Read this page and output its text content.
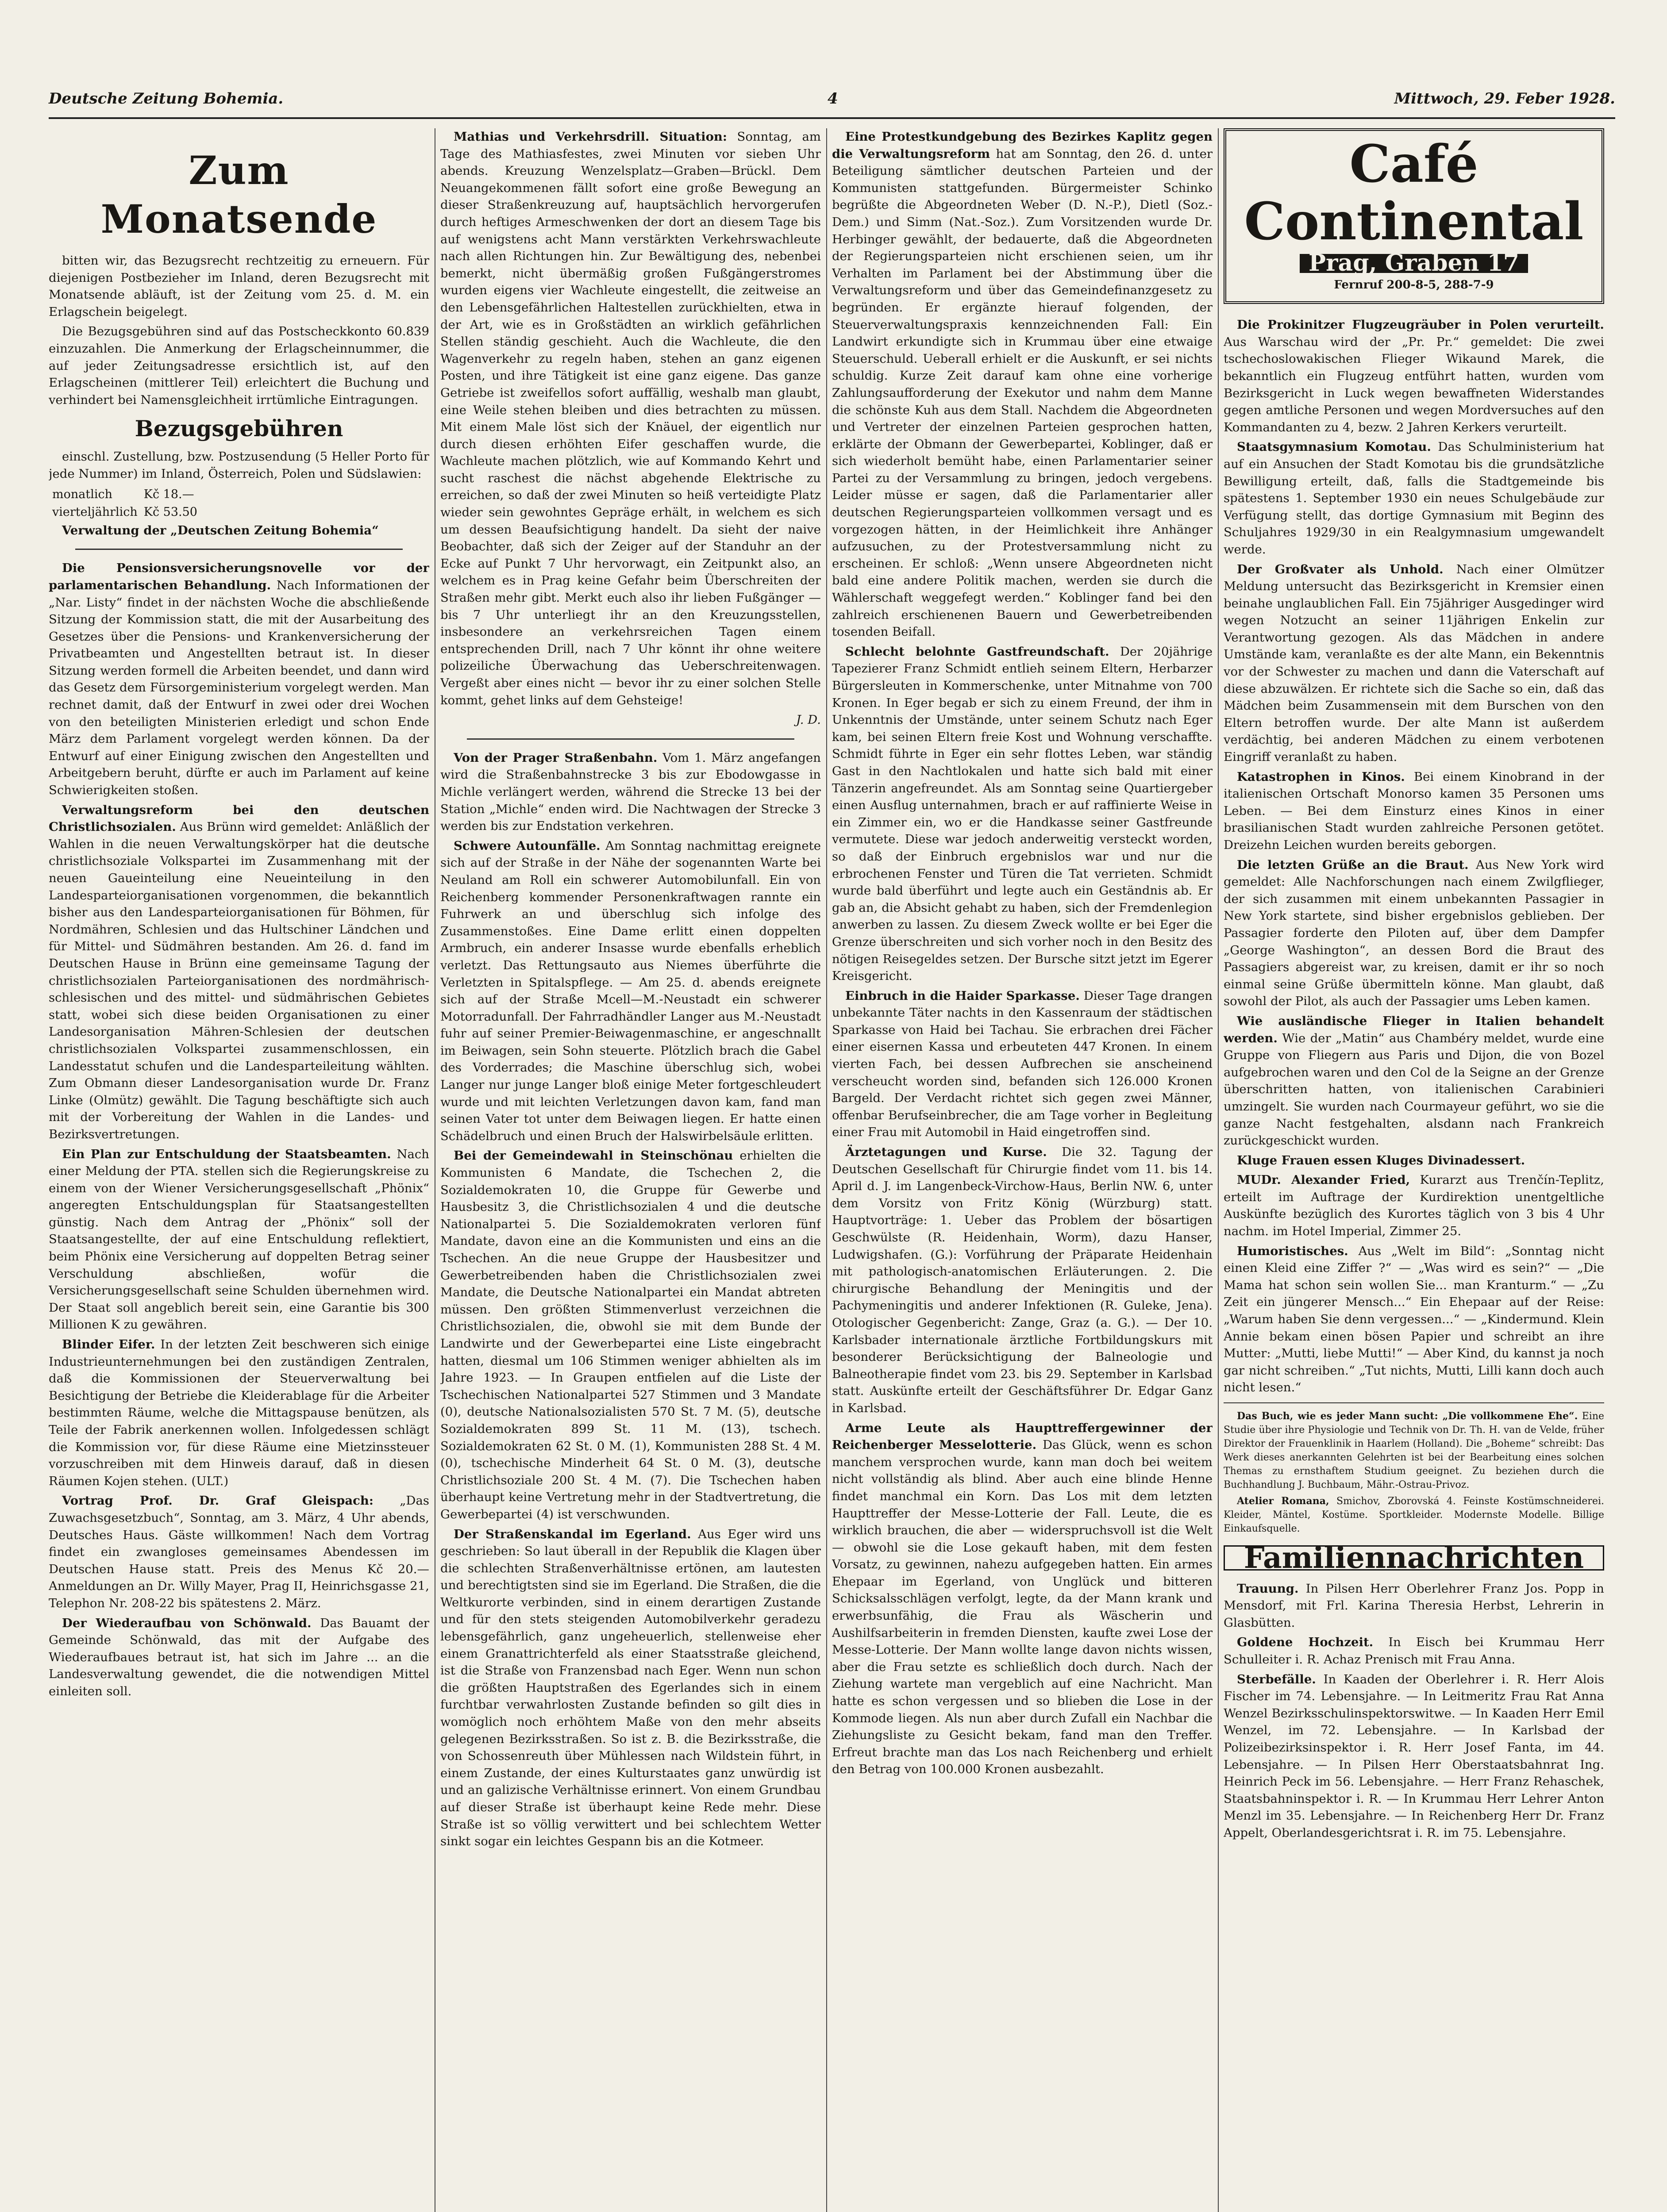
Deutsche Zeitung Bohemia.	4	Mittwoch, 29. Feber 1928.
Zum Monatsende

bitten wir, das Bezugsrecht rechtzeitig zu erneuern. Für diejenigen Postbezieher im Inland, deren Bezugsrecht mit Monatsende abläuft, ist der Zeitung vom 25. d. M. ein Erlagschein beigelegt.

Die Bezugsgebühren sind auf das Postscheckkonto 60.839 einzuzahlen. Die Anmerkung der Erlagscheinnummer, die auf jeder Zeitungsadresse ersichtlich ist, auf den Erlagscheinen (mittlerer Teil) erleichtert die Buchung und verhindert bei Namensgleichheit irrtümliche Eintragungen.

Bezugsgebühren

einschl. Zustellung, bzw. Postzusendung (5 Heller Porto für jede Nummer) im Inland, Österreich, Polen und Südslawien:

monatlich	Kč 18.—
vierteljährlich	Kč 53.50

Verwaltung der „Deutschen Zeitung Bohemia“

Die Pensionsversicherungsnovelle vor der parlamentarischen Behandlung. Nach Informationen der „Nar. Listy“ findet in der nächsten Woche die abschließende Sitzung der Kommission statt, die mit der Ausarbeitung des Gesetzes über die Pensions- und Krankenversicherung der Privatbeamten und Angestellten betraut ist. In dieser Sitzung werden formell die Arbeiten beendet, und dann wird das Gesetz dem Fürsorgeministerium vorgelegt werden. Man rechnet damit, daß der Entwurf in zwei oder drei Wochen von den beteiligten Ministerien erledigt und schon Ende März dem Parlament vorgelegt werden können. Da der Entwurf auf einer Einigung zwischen den Angestellten und Arbeitgebern beruht, dürfte er auch im Parlament auf keine Schwierigkeiten stoßen.

Verwaltungsreform bei den deutschen Christlichsozialen. Aus Brünn wird gemeldet: Anläßlich der Wahlen in die neuen Verwaltungskörper hat die deutsche christlichsoziale Volkspartei im Zusammenhang mit der neuen Gaueinteilung eine Neueinteilung in den Landesparteiorganisationen vorgenommen, die bekanntlich bisher aus den Landesparteiorganisationen für Böhmen, für Nordmähren, Schlesien und das Hultschiner Ländchen und für Mittel- und Südmähren bestanden. Am 26. d. fand im Deutschen Hause in Brünn eine gemeinsame Tagung der christlichsozialen Parteiorganisationen des nordmährisch-schlesischen und des mittel- und südmährischen Gebietes statt, wobei sich diese beiden Organisationen zu einer Landesorganisation Mähren-Schlesien der deutschen christlichsozialen Volkspartei zusammenschlossen, ein Landesstatut schufen und die Landesparteileitung wählten. Zum Obmann dieser Landesorganisation wurde Dr. Franz Linke (Olmütz) gewählt. Die Tagung beschäftigte sich auch mit der Vorbereitung der Wahlen in die Landes- und Bezirksvertretungen.

Ein Plan zur Entschuldung der Staatsbeamten. Nach einer Meldung der PTA. stellen sich die Regierungskreise zu einem von der Wiener Versicherungsgesellschaft „Phönix“ angeregten Entschuldungsplan für Staatsangestellten günstig. Nach dem Antrag der „Phönix“ soll der Staatsangestellte, der auf eine Entschuldung reflektiert, beim Phönix eine Versicherung auf doppelten Betrag seiner Verschuldung abschließen, wofür die Versicherungsgesellschaft seine Schulden übernehmen wird. Der Staat soll angeblich bereit sein, eine Garantie bis 300 Millionen K zu gewähren.

Blinder Eifer. In der letzten Zeit beschweren sich einige Industrieunternehmungen bei den zuständigen Zentralen, daß die Kommissionen der Steuerverwaltung bei Besichtigung der Betriebe die Kleiderablage für die Arbeiter bestimmten Räume, welche die Mittagspause benützen, als Teile der Fabrik anerkennen wollen. Infolgedessen schlägt die Kommission vor, für diese Räume eine Mietzinssteuer vorzuschreiben mit dem Hinweis darauf, daß in diesen Räumen Kojen stehen. (ULT.)

Vortrag Prof. Dr. Graf Gleispach: „Das Zuwachsgesetzbuch“, Sonntag, am 3. März, 4 Uhr abends, Deutsches Haus. Gäste willkommen! Nach dem Vortrag findet ein zwangloses gemeinsames Abendessen im Deutschen Hause statt. Preis des Menus Kč 20.— Anmeldungen an Dr. Willy Mayer, Prag II, Heinrichsgasse 21, Telephon Nr. 208-22 bis spätestens 2. März.

Der Wiederaufbau von Schönwald. Das Bauamt der Gemeinde Schönwald, das mit der Aufgabe des Wiederaufbaues betraut ist, hat sich im Jahre ... an die Landesverwaltung gewendet, die die notwendigen Mittel einleiten soll.

Mathias und Verkehrsdrill. Situation: Sonntag, am Tage des Mathiasfestes, zwei Minuten vor sieben Uhr abends. Kreuzung Wenzelsplatz—Graben—Brückl. Dem Neuangekommenen fällt sofort eine große Bewegung an dieser Straßenkreuzung auf, hauptsächlich hervorgerufen durch heftiges Armeschwenken der dort an diesem Tage bis auf wenigstens acht Mann verstärkten Verkehrswachleute nach allen Richtungen hin. Zur Bewältigung des, nebenbei bemerkt, nicht übermäßig großen Fußgängerstromes wurden eigens vier Wachleute eingestellt, die zeitweise an den Lebensgefährlichen Haltestellen zurückhielten, etwa in der Art, wie es in Großstädten an wirklich gefährlichen Stellen ständig geschieht. Auch die Wachleute, die den Wagenverkehr zu regeln haben, stehen an ganz eigenen Posten, und ihre Tätigkeit ist eine ganz eigene. Das ganze Getriebe ist zweifellos sofort auffällig, weshalb man glaubt, eine Weile stehen bleiben und dies betrachten zu müssen. Mit einem Male löst sich der Knäuel, der eigentlich nur durch diesen erhöhten Eifer geschaffen wurde, die Wachleute machen plötzlich, wie auf Kommando Kehrt und sucht raschest die nächst abgehende Elektrische zu erreichen, so daß der zwei Minuten so heiß verteidigte Platz wieder sein gewohntes Gepräge erhält, in welchem es sich um dessen Beaufsichtigung handelt. Da sieht der naive Beobachter, daß sich der Zeiger auf der Standuhr an der Ecke auf Punkt 7 Uhr hervorwagt, ein Zeitpunkt also, an welchem es in Prag keine Gefahr beim Überschreiten der Straßen mehr gibt. Merkt euch also ihr lieben Fußgänger — bis 7 Uhr unterliegt ihr an den Kreuzungsstellen, insbesondere an verkehrsreichen Tagen einem entsprechenden Drill, nach 7 Uhr könnt ihr ohne weitere polizeiliche Überwachung das Ueberschreitenwagen. Vergeßt aber eines nicht — bevor ihr zu einer solchen Stelle kommt, gehet links auf dem Gehsteige!

J. D.

Von der Prager Straßenbahn. Vom 1. März angefangen wird die Straßenbahnstrecke 3 bis zur Ebodowgasse in Michle verlängert werden, während die Strecke 13 bei der Station „Michle“ enden wird. Die Nachtwagen der Strecke 3 werden bis zur Endstation verkehren.

Schwere Autounfälle. Am Sonntag nachmittag ereignete sich auf der Straße in der Nähe der sogenannten Warte bei Neuland am Roll ein schwerer Automobilunfall. Ein von Reichenberg kommender Personenkraftwagen rannte ein Fuhrwerk an und überschlug sich infolge des Zusammenstoßes. Eine Dame erlitt einen doppelten Armbruch, ein anderer Insasse wurde ebenfalls erheblich verletzt. Das Rettungsauto aus Niemes überführte die Verletzten in Spitalspflege. — Am 25. d. abends ereignete sich auf der Straße Mcell—M.-Neustadt ein schwerer Motorradunfall. Der Fahrradhändler Langer aus M.-Neustadt fuhr auf seiner Premier-Beiwagenmaschine, er angeschnallt im Beiwagen, sein Sohn steuerte. Plötzlich brach die Gabel des Vorderrades; die Maschine überschlug sich, wobei Langer nur junge Langer bloß einige Meter fortgeschleudert wurde und mit leichten Verletzungen davon kam, fand man seinen Vater tot unter dem Beiwagen liegen. Er hatte einen Schädelbruch und einen Bruch der Halswirbelsäule erlitten.

Bei der Gemeindewahl in Steinschönau erhielten die Kommunisten 6 Mandate, die Tschechen 2, die Sozialdemokraten 10, die Gruppe für Gewerbe und Hausbesitz 3, die Christlichsozialen 4 und die deutsche Nationalpartei 5. Die Sozialdemokraten verloren fünf Mandate, davon eine an die Kommunisten und eins an die Tschechen. An die neue Gruppe der Hausbesitzer und Gewerbetreibenden haben die Christlichsozialen zwei Mandate, die Deutsche Nationalpartei ein Mandat abtreten müssen. Den größten Stimmenverlust verzeichnen die Christlichsozialen, die, obwohl sie mit dem Bunde der Landwirte und der Gewerbepartei eine Liste eingebracht hatten, diesmal um 106 Stimmen weniger abhielten als im Jahre 1923. — In Graupen entfielen auf die Liste der Tschechischen Nationalpartei 527 Stimmen und 3 Mandate (0), deutsche Nationalsozialisten 570 St. 7 M. (5), deutsche Sozialdemokraten 899 St. 11 M. (13), tschech. Sozialdemokraten 62 St. 0 M. (1), Kommunisten 288 St. 4 M. (0), tschechische Minderheit 64 St. 0 M. (3), deutsche Christlichsoziale 200 St. 4 M. (7). Die Tschechen haben überhaupt keine Vertretung mehr in der Stadtvertretung, die Gewerbepartei (4) ist verschwunden.

Der Straßenskandal im Egerland. Aus Eger wird uns geschrieben: So laut überall in der Republik die Klagen über die schlechten Straßenverhältnisse ertönen, am lautesten und berechtigtsten sind sie im Egerland. Die Straßen, die die Weltkurorte verbinden, sind in einem derartigen Zustande und für den stets steigenden Automobilverkehr geradezu lebensgefährlich, ganz ungeheuerlich, stellenweise eher einem Granattrichterfeld als einer Staatsstraße gleichend, ist die Straße von Franzensbad nach Eger. Wenn nun schon die größten Hauptstraßen des Egerlandes sich in einem furchtbar verwahrlosten Zustande befinden so gilt dies in womöglich noch erhöhtem Maße von den mehr abseits gelegenen Bezirksstraßen. So ist z. B. die Bezirksstraße, die von Schossenreuth über Mühlessen nach Wildstein führt, in einem Zustande, der eines Kulturstaates ganz unwürdig ist und an galizische Verhältnisse erinnert. Von einem Grundbau auf dieser Straße ist überhaupt keine Rede mehr. Diese Straße ist so völlig verwittert und bei schlechtem Wetter sinkt sogar ein leichtes Gespann bis an die Kotmeer.

Eine Protestkundgebung des Bezirkes Kaplitz gegen die Verwaltungsreform hat am Sonntag, den 26. d. unter Beteiligung sämtlicher deutschen Parteien und der Kommunisten stattgefunden. Bürgermeister Schinko begrüßte die Abgeordneten Weber (D. N.-P.), Dietl (Soz.-Dem.) und Simm (Nat.-Soz.). Zum Vorsitzenden wurde Dr. Herbinger gewählt, der bedauerte, daß die Abgeordneten der Regierungsparteien nicht erschienen seien, um ihr Verhalten im Parlament bei der Abstimmung über die Verwaltungsreform und über das Gemeindefinanzgesetz zu begründen. Er ergänzte hierauf folgenden, der Steuerverwaltungspraxis kennzeichnenden Fall: Ein Landwirt erkundigte sich in Krummau über eine etwaige Steuerschuld. Ueberall erhielt er die Auskunft, er sei nichts schuldig. Kurze Zeit darauf kam ohne eine vorherige Zahlungsaufforderung der Exekutor und nahm dem Manne die schönste Kuh aus dem Stall. Nachdem die Abgeordneten und Vertreter der einzelnen Parteien gesprochen hatten, erklärte der Obmann der Gewerbepartei, Koblinger, daß er sich wiederholt bemüht habe, einen Parlamentarier seiner Partei zu der Versammlung zu bringen, jedoch vergebens. Leider müsse er sagen, daß die Parlamentarier aller deutschen Regierungsparteien vollkommen versagt und es vorgezogen hätten, in der Heimlichkeit ihre Anhänger aufzusuchen, zu der Protestversammlung nicht zu erscheinen. Er schloß: „Wenn unsere Abgeordneten nicht bald eine andere Politik machen, werden sie durch die Wählerschaft weggefegt werden.“ Koblinger fand bei den zahlreich erschienenen Bauern und Gewerbetreibenden tosenden Beifall.

Schlecht belohnte Gastfreundschaft. Der 20jährige Tapezierer Franz Schmidt entlieh seinem Eltern, Herbarzer Bürgersleuten in Kommerschenke, unter Mitnahme von 700 Kronen. In Eger begab er sich zu einem Freund, der ihm in Unkenntnis der Umstände, unter seinem Schutz nach Eger kam, bei seinen Eltern freie Kost und Wohnung verschaffte. Schmidt führte in Eger ein sehr flottes Leben, war ständig Gast in den Nachtlokalen und hatte sich bald mit einer Tänzerin angefreundet. Als am Sonntag seine Quartiergeber einen Ausflug unternahmen, brach er auf raffinierte Weise in ein Zimmer ein, wo er die Handkasse seiner Gastfreunde vermutete. Diese war jedoch anderweitig versteckt worden, so daß der Einbruch ergebnislos war und nur die erbrochenen Fenster und Türen die Tat verrieten. Schmidt wurde bald überführt und legte auch ein Geständnis ab. Er gab an, die Absicht gehabt zu haben, sich der Fremdenlegion anwerben zu lassen. Zu diesem Zweck wollte er bei Eger die Grenze überschreiten und sich vorher noch in den Besitz des nötigen Reisegeldes setzen. Der Bursche sitzt jetzt im Egerer Kreisgericht.

Einbruch in die Haider Sparkasse. Dieser Tage drangen unbekannte Täter nachts in den Kassenraum der städtischen Sparkasse von Haid bei Tachau. Sie erbrachen drei Fächer einer eisernen Kassa und erbeuteten 447 Kronen. In einem vierten Fach, bei dessen Aufbrechen sie anscheinend verscheucht worden sind, befanden sich 126.000 Kronen Bargeld. Der Verdacht richtet sich gegen zwei Männer, offenbar Berufseinbrecher, die am Tage vorher in Begleitung einer Frau mit Automobil in Haid eingetroffen sind.

Ärztetagungen und Kurse. Die 32. Tagung der Deutschen Gesellschaft für Chirurgie findet vom 11. bis 14. April d. J. im Langenbeck-Virchow-Haus, Berlin NW. 6, unter dem Vorsitz von Fritz König (Würzburg) statt. Hauptvorträge: 1. Ueber das Problem der bösartigen Geschwülste (R. Heidenhain, Worm), dazu Hanser, Ludwigshafen. (G.): Vorführung der Präparate Heidenhain mit pathologisch-anatomischen Erläuterungen. 2. Die chirurgische Behandlung der Meningitis und der Pachymeningitis und anderer Infektionen (R. Guleke, Jena). Otologischer Gegenbericht: Zange, Graz (a. G.). — Der 10. Karlsbader internationale ärztliche Fortbildungskurs mit besonderer Berücksichtigung der Balneologie und Balneotherapie findet vom 23. bis 29. September in Karlsbad statt. Auskünfte erteilt der Geschäftsführer Dr. Edgar Ganz in Karlsbad.

Arme Leute als Haupttreffergewinner der Reichenberger Messelotterie. Das Glück, wenn es schon manchem versprochen wurde, kann man doch bei weitem nicht vollständig als blind. Aber auch eine blinde Henne findet manchmal ein Korn. Das Los mit dem letzten Haupttreffer der Messe-Lotterie der Fall. Leute, die es wirklich brauchen, die aber — widerspruchsvoll ist die Welt — obwohl sie die Lose gekauft haben, mit dem festen Vorsatz, zu gewinnen, nahezu aufgegeben hatten. Ein armes Ehepaar im Egerland, von Unglück und bitteren Schicksalsschlägen verfolgt, legte, da der Mann krank und erwerbsunfähig, die Frau als Wäscherin und Aushilfsarbeiterin in fremden Diensten, kaufte zwei Lose der Messe-Lotterie. Der Mann wollte lange davon nichts wissen, aber die Frau setzte es schließlich doch durch. Nach der Ziehung wartete man vergeblich auf eine Nachricht. Man hatte es schon vergessen und so blieben die Lose in der Kommode liegen. Als nun aber durch Zufall ein Nachbar die Ziehungsliste zu Gesicht bekam, fand man den Treffer. Erfreut brachte man das Los nach Reichenberg und erhielt den Betrag von 100.000 Kronen ausbezahlt.

Café Continental
Prag, Graben 17
Fernruf 200-8-5, 288-7-9

Die Prokinitzer Flugzeugräuber in Polen verurteilt. Aus Warschau wird der „Pr. Pr.“ gemeldet: Die zwei tschechoslowakischen Flieger Wikaund Marek, die bekanntlich ein Flugzeug entführt hatten, wurden vom Bezirksgericht in Luck wegen bewaffneten Widerstandes gegen amtliche Personen und wegen Mordversuches auf den Kommandanten zu 4, bezw. 2 Jahren Kerkers verurteilt.

Staatsgymnasium Komotau. Das Schulministerium hat auf ein Ansuchen der Stadt Komotau bis die grundsätzliche Bewilligung erteilt, daß, falls die Stadtgemeinde bis spätestens 1. September 1930 ein neues Schulgebäude zur Verfügung stellt, das dortige Gymnasium mit Beginn des Schuljahres 1929/30 in ein Realgymnasium umgewandelt werde.

Der Großvater als Unhold. Nach einer Olmützer Meldung untersucht das Bezirksgericht in Kremsier einen beinahe unglaublichen Fall. Ein 75jähriger Ausgedinger wird wegen Notzucht an seiner 11jährigen Enkelin zur Verantwortung gezogen. Als das Mädchen in andere Umstände kam, veranlaßte es der alte Mann, ein Bekenntnis vor der Schwester zu machen und dann die Vaterschaft auf diese abzuwälzen. Er richtete sich die Sache so ein, daß das Mädchen beim Zusammensein mit dem Burschen von den Eltern betroffen wurde. Der alte Mann ist außerdem verdächtig, bei anderen Mädchen zu einem verbotenen Eingriff veranlaßt zu haben.

Katastrophen in Kinos. Bei einem Kinobrand in der italienischen Ortschaft Monorso kamen 35 Personen ums Leben. — Bei dem Einsturz eines Kinos in einer brasilianischen Stadt wurden zahlreiche Personen getötet. Dreizehn Leichen wurden bereits geborgen.

Die letzten Grüße an die Braut. Aus New York wird gemeldet: Alle Nachforschungen nach einem Zwilgflieger, der sich zusammen mit einem unbekannten Passagier in New York startete, sind bisher ergebnislos geblieben. Der Passagier forderte den Piloten auf, über dem Dampfer „George Washington“, an dessen Bord die Braut des Passagiers abgereist war, zu kreisen, damit er ihr so noch einmal seine Grüße übermitteln könne. Man glaubt, daß sowohl der Pilot, als auch der Passagier ums Leben kamen.

Wie ausländische Flieger in Italien behandelt werden. Wie der „Matin“ aus Chambéry meldet, wurde eine Gruppe von Fliegern aus Paris und Dijon, die von Bozel aufgebrochen waren und den Col de la Seigne an der Grenze überschritten hatten, von italienischen Carabinieri umzingelt. Sie wurden nach Courmayeur geführt, wo sie die ganze Nacht festgehalten, alsdann nach Frankreich zurückgeschickt wurden.

Kluge Frauen essen Kluges Divinadessert.

MUDr. Alexander Fried, Kurarzt aus Trenčín-Teplitz, erteilt im Auftrage der Kurdirektion unentgeltliche Auskünfte bezüglich des Kurortes täglich von 3 bis 4 Uhr nachm. im Hotel Imperial, Zimmer 25.

Humoristisches. Aus „Welt im Bild“: „Sonntag nicht einen Kleid eine Ziffer ?“ — „Was wird es sein?“ — „Die Mama hat schon sein wollen Sie... man Kranturm.“ — „Zu Zeit ein jüngerer Mensch...“ Ein Ehepaar auf der Reise: „Warum haben Sie denn vergessen...“ — „Kindermund. Klein Annie bekam einen bösen Papier und schreibt an ihre Mutter: „Mutti, liebe Mutti!“ — Aber Kind, du kannst ja noch gar nicht schreiben.“ „Tut nichts, Mutti, Lilli kann doch auch nicht lesen.“

Das Buch, wie es jeder Mann sucht: „Die vollkommene Ehe“. Eine Studie über ihre Physiologie und Technik von Dr. Th. H. van de Velde, früher Direktor der Frauenklinik in Haarlem (Holland). Die „Boheme“ schreibt: Das Werk dieses anerkannten Gelehrten ist bei der Bearbeitung eines solchen Themas zu ernsthaftem Studium geeignet. Zu beziehen durch die Buchhandlung J. Buchbaum, Mähr.-Ostrau-Privoz.

Atelier Romana, Smichov, Zborovská 4. Feinste Kostümschneiderei. Kleider, Mäntel, Kostüme. Sportkleider. Modernste Modelle. Billige Einkaufsquelle.

Familiennachrichten

Trauung. In Pilsen Herr Oberlehrer Franz Jos. Popp in Mensdorf, mit Frl. Karina Theresia Herbst, Lehrerin in Glasbütten.

Goldene Hochzeit. In Eisch bei Krummau Herr Schulleiter i. R. Achaz Prenisch mit Frau Anna.

Sterbefälle. In Kaaden der Oberlehrer i. R. Herr Alois Fischer im 74. Lebensjahre. — In Leitmeritz Frau Rat Anna Wenzel Bezirksschulinspektorswitwe. — In Kaaden Herr Emil Wenzel, im 72. Lebensjahre. — In Karlsbad der Polizeibezirksinspektor i. R. Herr Josef Fanta, im 44. Lebensjahre. — In Pilsen Herr Oberstaatsbahnrat Ing. Heinrich Peck im 56. Lebensjahre. — Herr Franz Rehaschek, Staatsbahninspektor i. R. — In Krummau Herr Lehrer Anton Menzl im 35. Lebensjahre. — In Reichenberg Herr Dr. Franz Appelt, Oberlandesgerichtsrat i. R. im 75. Lebensjahre.
